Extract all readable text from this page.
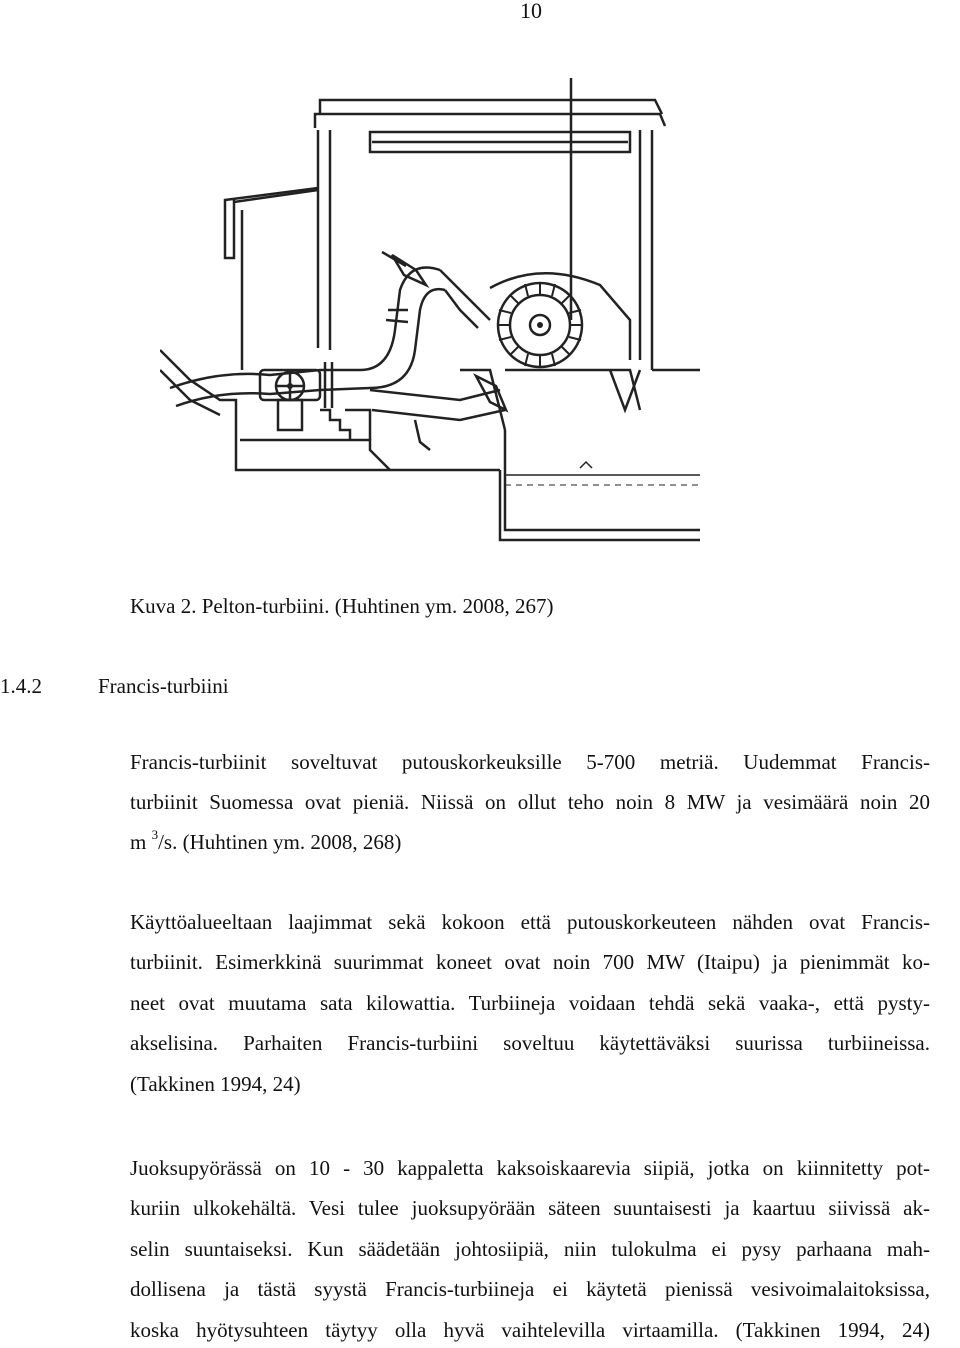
10
Kuva 2. Pelton-turbiini. (Huhtinen ym. 2008, 267)
1.4.2	Francis-turbiini
Francis-turbiinit soveltuvat putouskorkeuksille 5-700 metriä. Uudemmat Francis-
turbiinit Suomessa ovat pieniä. Niissä on ollut teho noin 8 MW ja vesimäärä noin 20
m $^3$/s. (Huhtinen ym. 2008, 268)
Käyttöalueeltaan laajimmat sekä kokoon että putouskorkeuteen nähden ovat Francis-
turbiinit. Esimerkkinä suurimmat koneet ovat noin 700 MW (Itaipu) ja pienimmät ko-
neet ovat muutama sata kilowattia. Turbiineja voidaan tehdä sekä vaaka-, että pysty-
akselisina. Parhaiten Francis-turbiini soveltuu käytettäväksi suurissa turbiineissa.
(Takkinen 1994, 24)
Juoksupyörässä on 10 - 30 kappaletta kaksoiskaarevia siipiä, jotka on kiinnitetty pot-
kuriin ulkokehältä. Vesi tulee juoksupyörään säteen suuntaisesti ja kaartuu siivissä ak-
selin suuntaiseksi. Kun säädetään johtosiipiä, niin tulokulma ei pysy parhaana mah-
dollisena ja tästä syystä Francis-turbiineja ei käytetä pienissä vesivoimalaitoksissa,
koska hyötysuhteen täytyy olla hyvä vaihtelevilla virtaamilla. (Takkinen 1994, 24)
